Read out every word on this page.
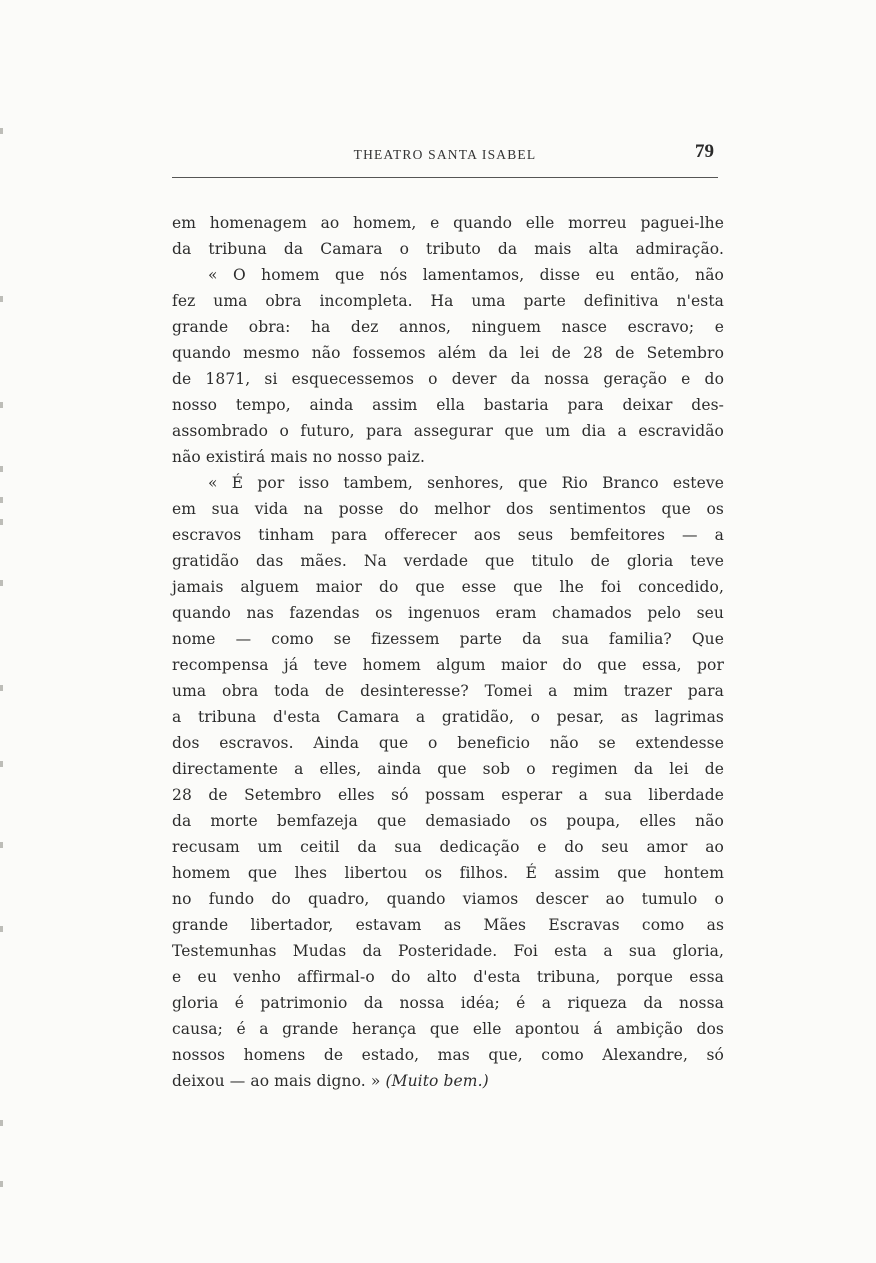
THEATRO SANTA ISABEL	79
em homenagem ao homem, e quando elle morreu paguei-lhe
da tribuna da Camara o tributo da mais alta admiração.
« O homem que nós lamentamos, disse eu então, não
fez uma obra incompleta. Ha uma parte definitiva n'esta
grande obra: ha dez annos, ninguem nasce escravo; e
quando mesmo não fossemos além da lei de 28 de Setembro
de 1871, si esquecessemos o dever da nossa geração e do
nosso tempo, ainda assim ella bastaria para deixar des-
assombrado o futuro, para assegurar que um dia a escravidão
não existirá mais no nosso paiz.
« É por isso tambem, senhores, que Rio Branco esteve
em sua vida na posse do melhor dos sentimentos que os
escravos tinham para offerecer aos seus bemfeitores — a
gratidão das mães. Na verdade que titulo de gloria teve
jamais alguem maior do que esse que lhe foi concedido,
quando nas fazendas os ingenuos eram chamados pelo seu
nome — como se fizessem parte da sua familia? Que
recompensa já teve homem algum maior do que essa, por
uma obra toda de desinteresse? Tomei a mim trazer para
a tribuna d'esta Camara a gratidão, o pesar, as lagrimas
dos escravos. Ainda que o beneficio não se extendesse
directamente a elles, ainda que sob o regimen da lei de
28 de Setembro elles só possam esperar a sua liberdade
da morte bemfazeja que demasiado os poupa, elles não
recusam um ceitil da sua dedicação e do seu amor ao
homem que lhes libertou os filhos. É assim que hontem
no fundo do quadro, quando viamos descer ao tumulo o
grande libertador, estavam as Mães Escravas como as
Testemunhas Mudas da Posteridade. Foi esta a sua gloria,
e eu venho affirmal-o do alto d'esta tribuna, porque essa
gloria é patrimonio da nossa idéa; é a riqueza da nossa
causa; é a grande herança que elle apontou á ambição dos
nossos homens de estado, mas que, como Alexandre, só
deixou — ao mais digno. » (Muito bem.)
